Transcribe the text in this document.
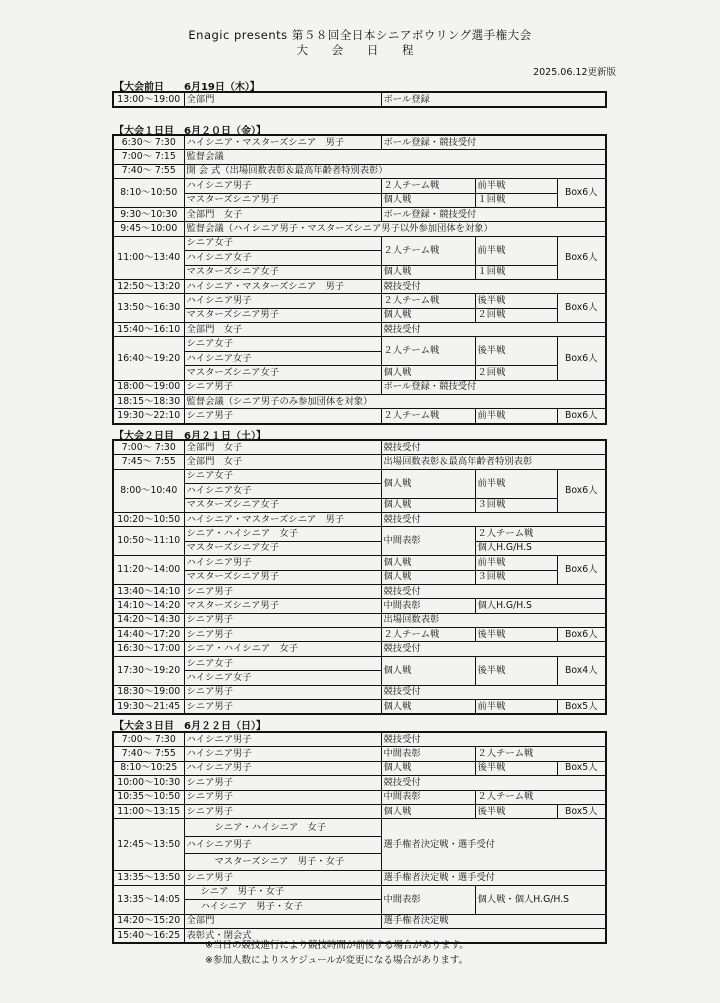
Enagic presents 第５８回全日本シニアボウリング選手権大会
大 会 日 程
2025.06.12更新版
【大会前日　　6月19日（木）】
13:00～19:00	全部門	ボール登録
【大会１日目　6月２０日（金）】
6:30～ 7:30	ハイシニア・マスターズシニア　男子	ボール登録・競技受付		
7:00～ 7:15	監督会議			
7:40～ 7:55	開 会 式（出場回数表彰＆最高年齢者特別表彰）			
8:10～10:50	ハイシニア男子	２人チーム戦	前半戦	Box6人
	マスターズシニア男子	個人戦	１回戦	
9:30～10:30	全部門　女子	ボール登録・競技受付		
9:45～10:00	監督会議（ハイシニア男子・マスターズシニア男子以外参加団体を対象）			
11:00～13:40	シニア女子	２人チーム戦	前半戦	Box6人
	ハイシニア女子			
	マスターズシニア女子	個人戦	１回戦	
12:50～13:20	ハイシニア・マスターズシニア　男子	競技受付		
13:50～16:30	ハイシニア男子	２人チーム戦	後半戦	Box6人
	マスターズシニア男子	個人戦	２回戦	
15:40～16:10	全部門　女子	競技受付		
16:40～19:20	シニア女子	２人チーム戦	後半戦	Box6人
	ハイシニア女子			
	マスターズシニア女子	個人戦	２回戦	
18:00～19:00	シニア男子	ボール登録・競技受付		
18:15～18:30	監督会議（シニア男子のみ参加団体を対象）			
19:30～22:10	シニア男子	２人チーム戦	前半戦	Box6人
【大会２日目　6月２１日（土）】
7:00～ 7:30	全部門　女子	競技受付		
7:45～ 7:55	全部門　女子	出場回数表彰＆最高年齢者特別表彰		
8:00～10:40	シニア女子	個人戦	前半戦	Box6人
	ハイシニア女子			
	マスターズシニア女子	個人戦	３回戦	
10:20～10:50	ハイシニア・マスターズシニア　男子	競技受付		
10:50～11:10	シニア・ハイシニア　女子	中間表彰	２人チーム戦	
	マスターズシニア女子		個人H.G/H.S	
11:20～14:00	ハイシニア男子	個人戦	前半戦	Box6人
	マスターズシニア男子	個人戦	３回戦	
13:40～14:10	シニア男子	競技受付		
14:10～14:20	マスターズシニア男子	中間表彰	個人H.G/H.S	
14:20～14:30	シニア男子	出場回数表彰		
14:40～17:20	シニア男子	２人チーム戦	後半戦	Box6人
16:30～17:00	シニア・ハイシニア　女子	競技受付		
17:30～19:20	シニア女子	個人戦	後半戦	Box4人
	ハイシニア女子			
18:30～19:00	シニア男子	競技受付		
19:30～21:45	シニア男子	個人戦	前半戦	Box5人
【大会３日目　6月２２日（日）】
7:00～ 7:30	ハイシニア男子	競技受付		
7:40～ 7:55	ハイシニア男子	中間表彰	２人チーム戦	
8:10～10:25	ハイシニア男子	個人戦	後半戦	Box5人
10:00～10:30	シニア男子	競技受付		
10:35～10:50	シニア男子	中間表彰	２人チーム戦	
11:00～13:15	シニア男子	個人戦	後半戦	Box5人
12:45～13:50	シニア・ハイシニア　女子	選手権者決定戦・選手受付		
	ハイシニア男子			
	マスターズシニア　男子・女子			
13:35～13:50	シニア男子	選手権者決定戦・選手受付		
13:35～14:05	シニア　男子・女子	中間表彰	個人戦・個人H.G/H.S	
	ハイシニア　男子・女子			
14:20～15:20	全部門	選手権者決定戦		
15:40～16:25	表彰式・閉会式			
※当日の競技進行により競技時間が前後する場合があります。
※参加人数によりスケジュールが変更になる場合があります。
